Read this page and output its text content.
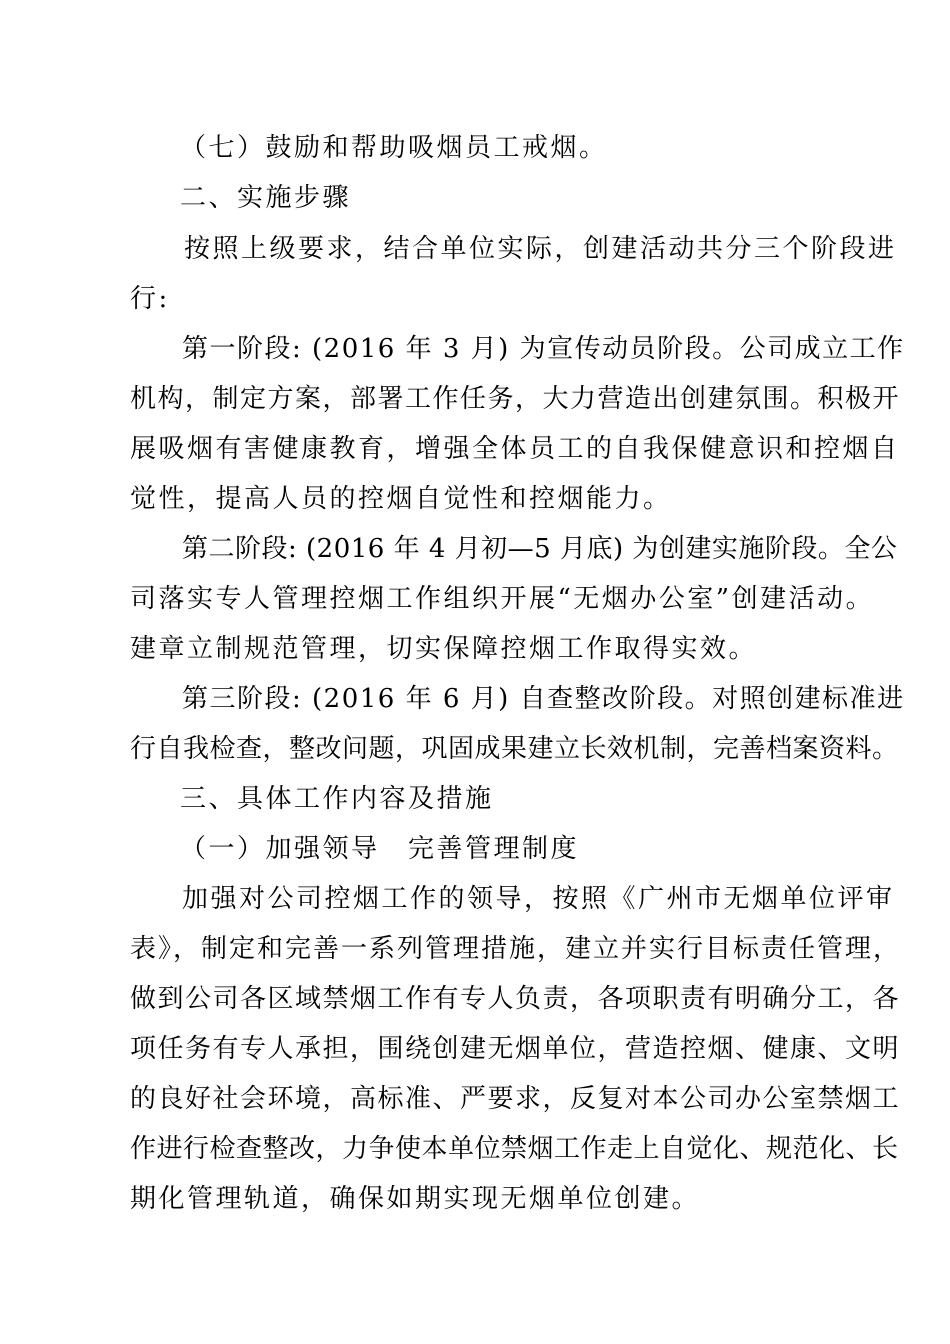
（七）鼓励和帮助吸烟员工戒烟。

二、实施步骤

按照上级要求，结合单位实际，创建活动共分三个阶段进

行:

第一阶段: (2016 年 3 月) 为宣传动员阶段。公司成立工作

机构，制定方案，部署工作任务，大力营造出创建氛围。积极开

展吸烟有害健康教育，增强全体员工的自我保健意识和控烟自

觉性，提高人员的控烟自觉性和控烟能力。

第二阶段: (2016 年 4 月初—5 月底) 为创建实施阶段。全公

司落实专人管理控烟工作组织开展“无烟办公室”创建活动。

建章立制规范管理，切实保障控烟工作取得实效。

第三阶段: (2016 年 6 月) 自查整改阶段。对照创建标准进

行自我检查，整改问题，巩固成果建立长效机制，完善档案资料。

三、具体工作内容及措施

（一）加强领导　完善管理制度

加强对公司控烟工作的领导，按照《广州市无烟单位评审

表》，制定和完善一系列管理措施，建立并实行目标责任管理，

做到公司各区域禁烟工作有专人负责，各项职责有明确分工，各

项任务有专人承担，围绕创建无烟单位，营造控烟、健康、文明

的良好社会环境，高标准、严要求，反复对本公司办公室禁烟工

作进行检查整改，力争使本单位禁烟工作走上自觉化、规范化、长

期化管理轨道，确保如期实现无烟单位创建。
